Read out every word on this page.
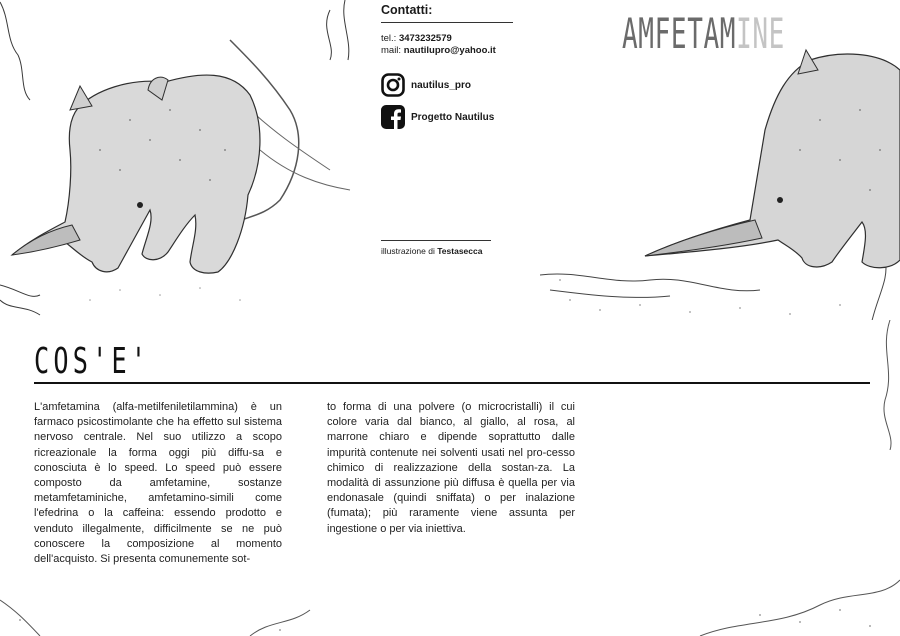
Contatti:
tel.: 3473232579
mail: nautilupro@yahoo.it
nautilus_pro
Progetto Nautilus
illustrazione di Testasecca
AMFETAMINE
COS'E'

L'amfetamina (alfa-metilfeniletilammina) è un farmaco psicostimolante che ha effetto sul sistema nervoso centrale. Nel suo utilizzo a scopo ricreazionale la forma oggi più diffu-sa e conosciuta è lo speed. Lo speed può essere composto da amfetamine, sostanze metamfetaminiche, amfetamino-simili come l'efedrina o la caffeina: essendo prodotto e venduto illegalmente, difficilmente se ne può conoscere la composizione al momento dell'acquisto. Si presenta comunemente sot-

to forma di una polvere (o microcristalli) il cui colore varia dal bianco, al giallo, al rosa, al marrone chiaro e dipende soprattutto dalle impurità contenute nei solventi usati nel pro-cesso chimico di realizzazione della sostan-za. La modalità di assunzione più diffusa è quella per via endonasale (quindi sniffata) o per inalazione (fumata); più raramente viene assunta per ingestione o per via iniettiva.
